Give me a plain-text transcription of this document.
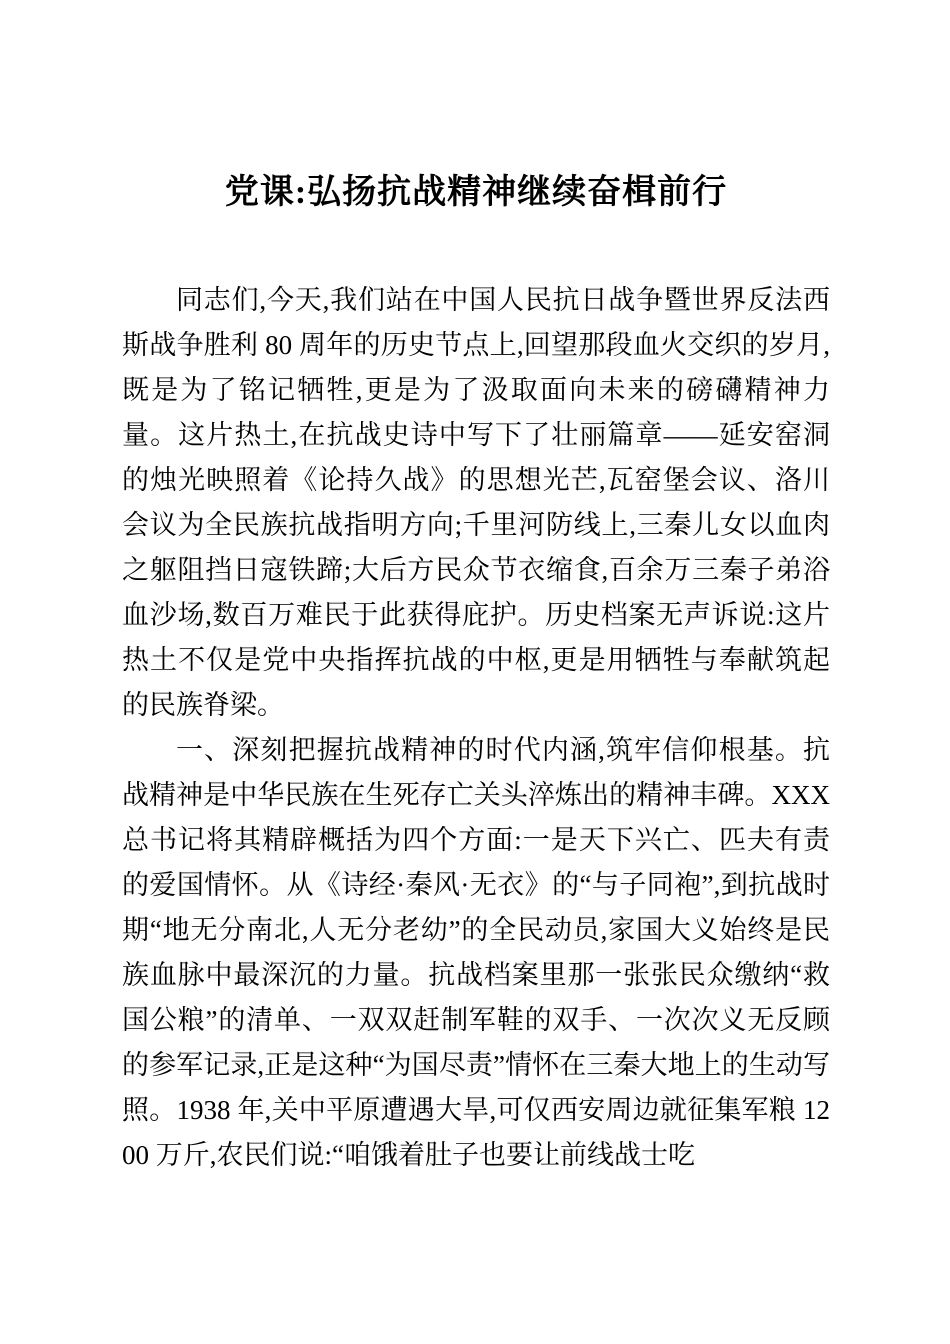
党课:弘扬抗战精神继续奋楫前行

同志们,今天,我们站在中国人民抗日战争暨世界反法西斯战争胜利 80 周年的历史节点上,回望那段血火交织的岁月,既是为了铭记牺牲,更是为了汲取面向未来的磅礴精神力量。这片热土,在抗战史诗中写下了壮丽篇章——延安窑洞的烛光映照着《论持久战》的思想光芒,瓦窑堡会议、洛川会议为全民族抗战指明方向;千里河防线上,三秦儿女以血肉之躯阻挡日寇铁蹄;大后方民众节衣缩食,百余万三秦子弟浴血沙场,数百万难民于此获得庇护。历史档案无声诉说:这片热土不仅是党中央指挥抗战的中枢,更是用牺牲与奉献筑起的民族脊梁。

一、深刻把握抗战精神的时代内涵,筑牢信仰根基。抗战精神是中华民族在生死存亡关头淬炼出的精神丰碑。XXX 总书记将其精辟概括为四个方面:一是天下兴亡、匹夫有责的爱国情怀。从《诗经·秦风·无衣》的“与子同袍”,到抗战时期“地无分南北,人无分老幼”的全民动员,家国大义始终是民族血脉中最深沉的力量。抗战档案里那一张张民众缴纳“救国公粮”的清单、一双双赶制军鞋的双手、一次次义无反顾的参军记录,正是这种“为国尽责”情怀在三秦大地上的生动写照。1938 年,关中平原遭遇大旱,可仅西安周边就征集军粮 1200 万斤,农民们说:“咱饿着肚子也要让前线战士吃
